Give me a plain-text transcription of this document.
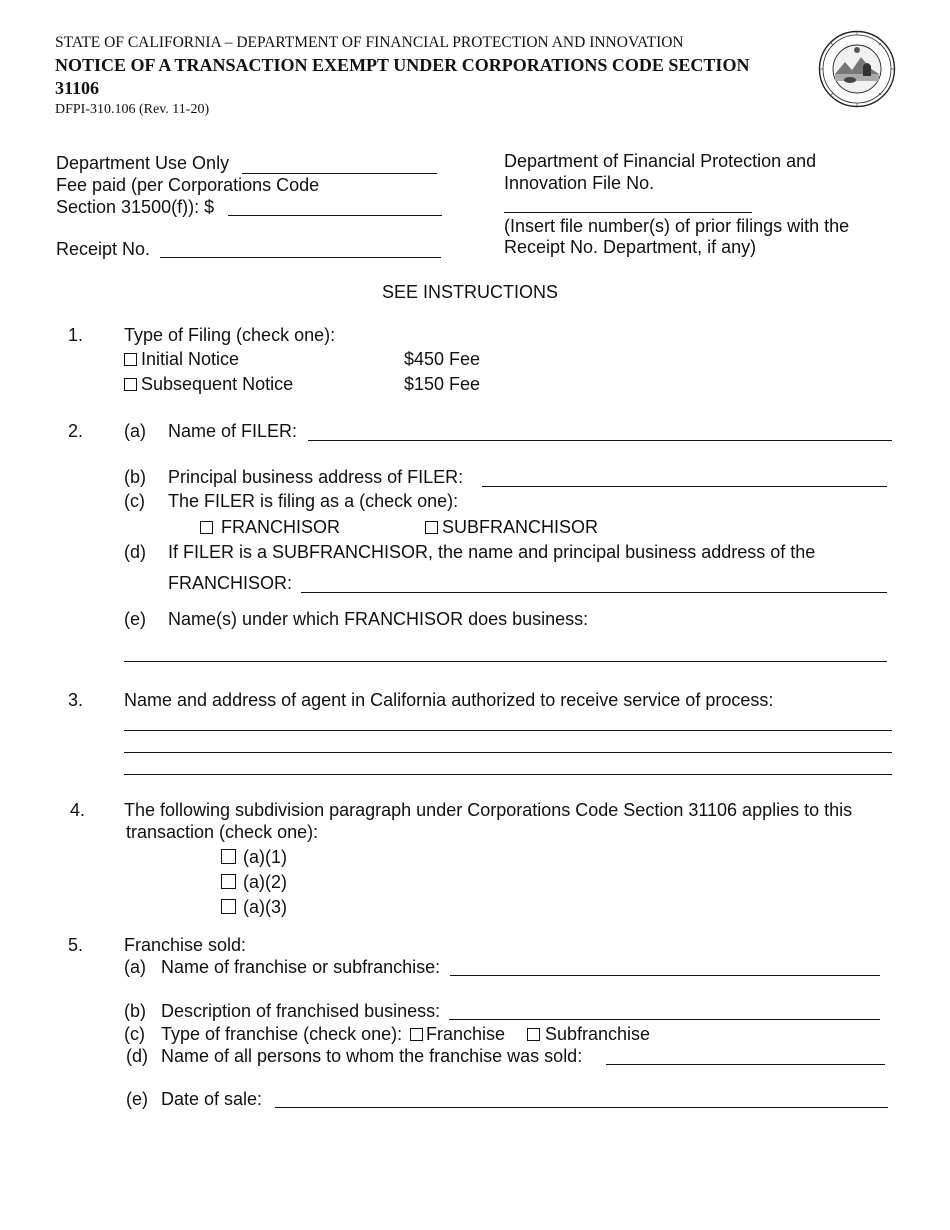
STATE OF CALIFORNIA – DEPARTMENT OF FINANCIAL PROTECTION AND INNOVATION
NOTICE OF A TRANSACTION EXEMPT UNDER CORPORATIONS CODE SECTION
31106
DFPI-310.106 (Rev. 11-20)
Department Use Only
Fee paid (per Corporations Code
Section 31500(f)): $
Receipt No.
Department of Financial Protection and
Innovation File No.
(Insert file number(s) of prior filings with the
Receipt No. Department, if any)
SEE INSTRUCTIONS
1. Type of Filing (check one):
Initial Notice	$450 Fee
Subsequent Notice	$150 Fee
2. (a) Name of FILER:
(b) Principal business address of FILER:
(c) The FILER is filing as a (check one):
FRANCHISOR	SUBFRANCHISOR
(d) If FILER is a SUBFRANCHISOR, the name and principal business address of the
FRANCHISOR:
(e) Name(s) under which FRANCHISOR does business:
3. Name and address of agent in California authorized to receive service of process:
4. The following subdivision paragraph under Corporations Code Section 31106 applies to this
transaction (check one):
(a)(1)
(a)(2)
(a)(3)
5. Franchise sold:
(a) Name of franchise or subfranchise:
(b) Description of franchised business:
(c) Type of franchise (check one):	Franchise	Subfranchise
(d) Name of all persons to whom the franchise was sold:
(e) Date of sale:
